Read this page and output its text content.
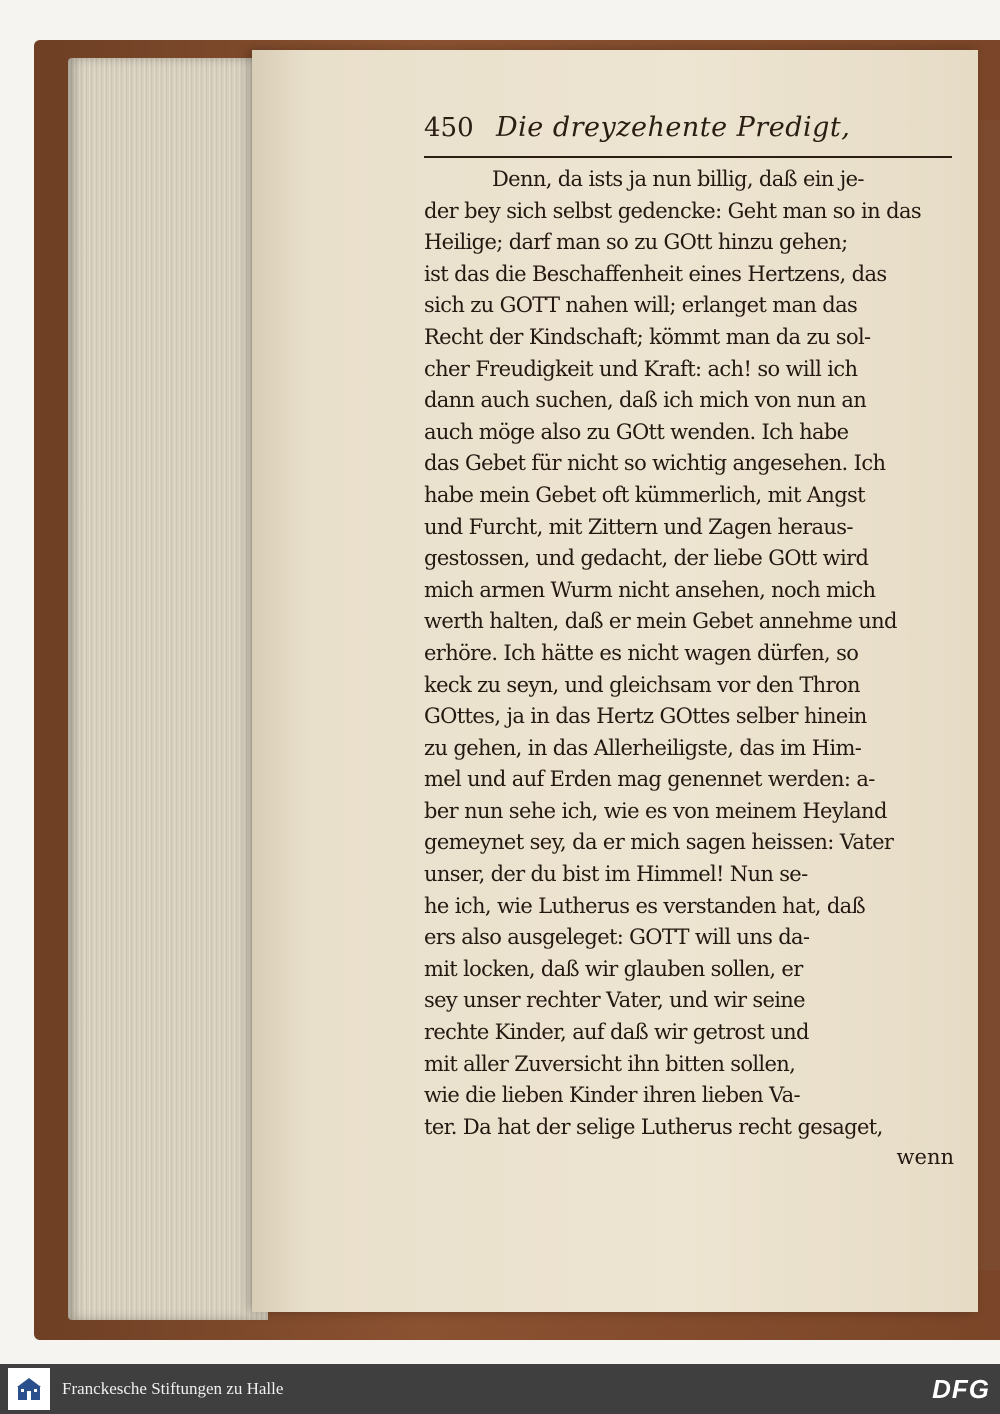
450 Die dreyzehente Predigt,
Denn, da ists ja nun billig, daß ein je-
der bey sich selbst gedencke: Geht man so in das
Heilige; darf man so zu GOtt hinzu gehen;
ist das die Beschaffenheit eines Hertzens, das
sich zu GOTT nahen will; erlanget man das
Recht der Kindschaft; kömmt man da zu sol-
cher Freudigkeit und Kraft: ach! so will ich
dann auch suchen, daß ich mich von nun an
auch möge also zu GOtt wenden. Ich habe
das Gebet für nicht so wichtig angesehen. Ich
habe mein Gebet oft kümmerlich, mit Angst
und Furcht, mit Zittern und Zagen heraus-
gestossen, und gedacht, der liebe GOtt wird
mich armen Wurm nicht ansehen, noch mich
werth halten, daß er mein Gebet annehme und
erhöre. Ich hätte es nicht wagen dürfen, so
keck zu seyn, und gleichsam vor den Thron
GOttes, ja in das Hertz GOttes selber hinein
zu gehen, in das Allerheiligste, das im Him-
mel und auf Erden mag genennet werden: a-
ber nun sehe ich, wie es von meinem Heyland
gemeynet sey, da er mich sagen heissen: Vater
unser, der du bist im Himmel! Nun se-
he ich, wie Lutherus es verstanden hat, daß
ers also ausgeleget: GOTT will uns da-
mit locken, daß wir glauben sollen, er
sey unser rechter Vater, und wir seine
rechte Kinder, auf daß wir getrost und
mit aller Zuversicht ihn bitten sollen,
wie die lieben Kinder ihren lieben Va-
ter. Da hat der selige Lutherus recht gesaget,
wenn
Franckesche Stiftungen zu Halle	DFG
